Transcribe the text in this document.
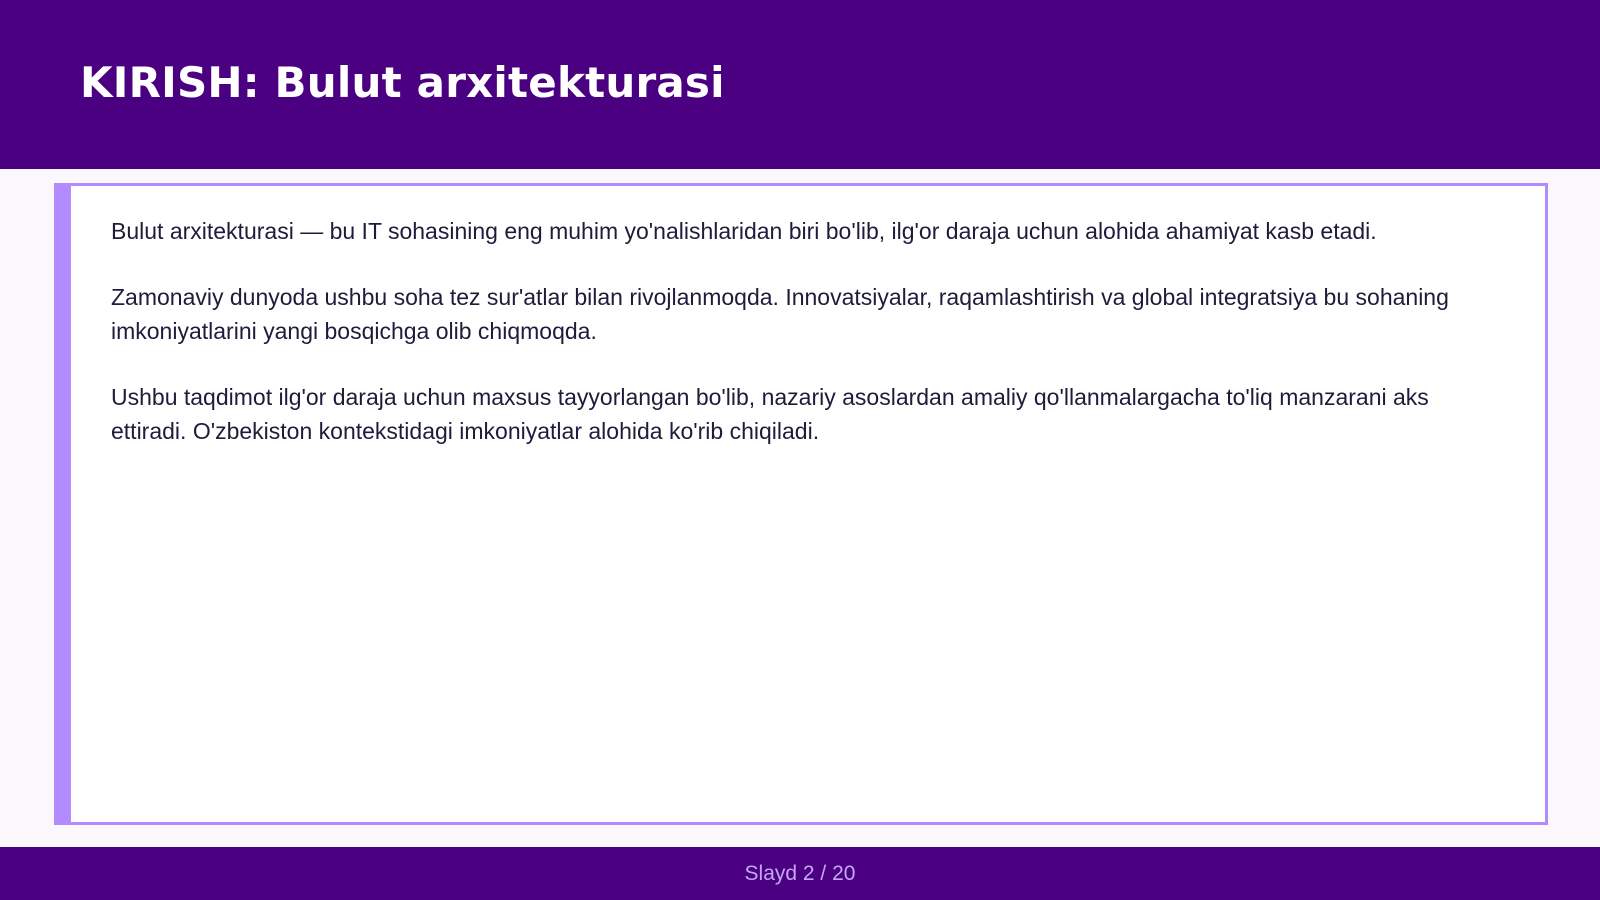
KIRISH: Bulut arxitekturasi

Bulut arxitekturasi — bu IT sohasining eng muhim yo'nalishlaridan biri bo'lib, ilg'or daraja uchun alohida ahamiyat kasb etadi.

Zamonaviy dunyoda ushbu soha tez sur'atlar bilan rivojlanmoqda. Innovatsiyalar, raqamlashtirish va global integratsiya bu sohaning imkoniyatlarini yangi bosqichga olib chiqmoqda.

Ushbu taqdimot ilg'or daraja uchun maxsus tayyorlangan bo'lib, nazariy asoslardan amaliy qo'llanmalargacha to'liq manzarani aks ettiradi. O'zbekiston kontekstidagi imkoniyatlar alohida ko'rib chiqiladi.

Slayd 2 / 20
